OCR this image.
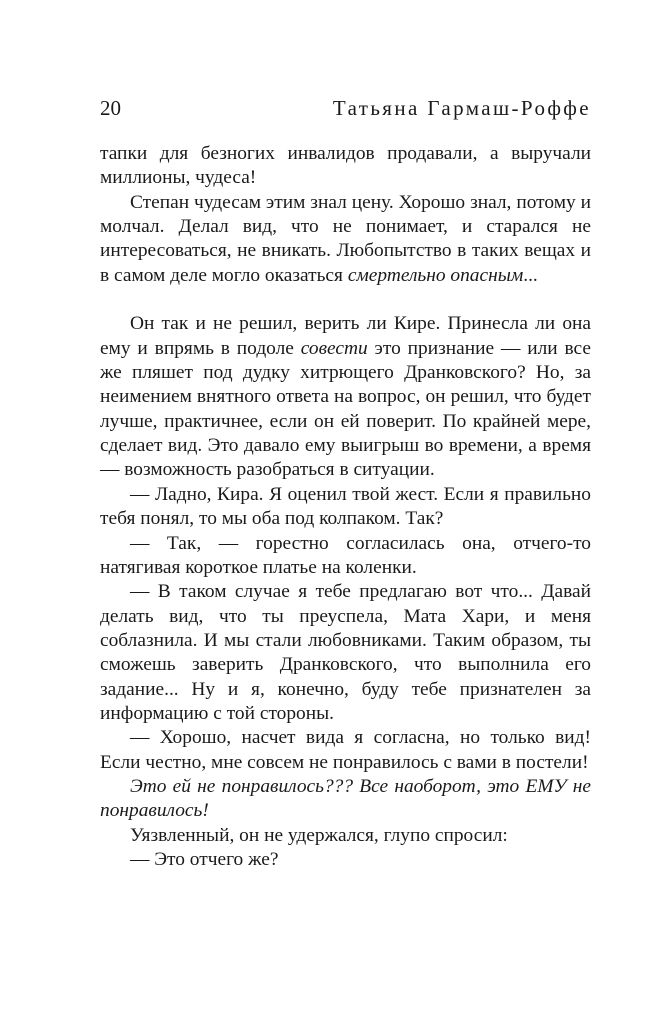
20	Татьяна Гармаш-Роффе

тапки для безногих инвалидов продавали, а выручали миллионы, чудеса!

Степан чудесам этим знал цену. Хорошо знал, потому и молчал. Делал вид, что не понимает, и старался не интересоваться, не вникать. Любопытство в таких вещах и в самом деле могло оказаться смертельно опасным...

Он так и не решил, верить ли Кире. Принесла ли она ему и впрямь в подоле совести это признание — или все же пляшет под дудку хитрющего Дранковского? Но, за неимением внятного ответа на вопрос, он решил, что будет лучше, практичнее, если он ей поверит. По крайней мере, сделает вид. Это давало ему выигрыш во времени, а время — возможность разобраться в ситуации.

— Ладно, Кира. Я оценил твой жест. Если я правильно тебя понял, то мы оба под колпаком. Так?

— Так, — горестно согласилась она, отчего-то натягивая короткое платье на коленки.

— В таком случае я тебе предлагаю вот что... Давай делать вид, что ты преуспела, Мата Хари, и меня соблазнила. И мы стали любовниками. Таким образом, ты сможешь заверить Дранковского, что выполнила его задание... Ну и я, конечно, буду тебе признателен за информацию с той стороны.

— Хорошо, насчет вида я согласна, но только вид! Если честно, мне совсем не понравилось с вами в постели!

Это ей не понравилось??? Все наоборот, это ЕМУ не понравилось!

Уязвленный, он не удержался, глупо спросил:

— Это отчего же?
